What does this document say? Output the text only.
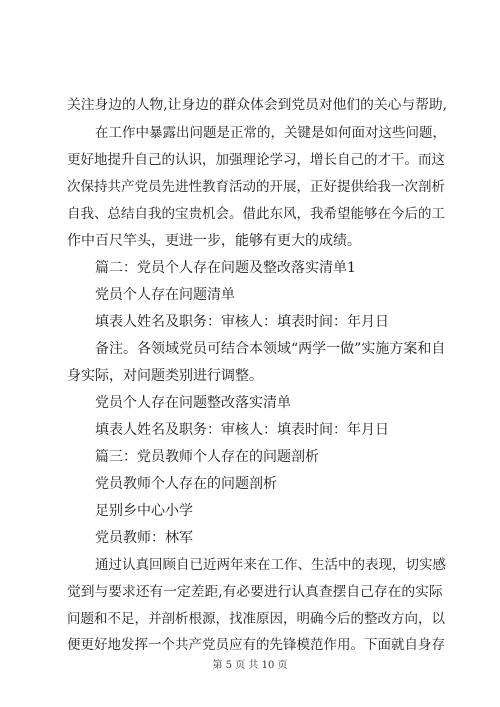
关注身边的人物,让身边的群众体会到党员对他们的关心与帮助,
在工作中暴露出问题是正常的，关键是如何面对这些问题，
更好地提升自己的认识，加强理论学习，增长自己的才干。而这
次保持共产党员先进性教育活动的开展，正好提供给我一次剖析
自我、总结自我的宝贵机会。借此东风，我希望能够在今后的工
作中百尺竿头，更进一步，能够有更大的成绩。
篇二：党员个人存在问题及整改落实清单1
党员个人存在问题清单
填表人姓名及职务：审核人：填表时间：年月日
备注。各领域党员可结合本领域“两学一做”实施方案和自
身实际，对问题类别进行调整。
党员个人存在问题整改落实清单
填表人姓名及职务：审核人：填表时间：年月日
篇三：党员教师个人存在的问题剖析
党员教师个人存在的问题剖析
足别乡中心小学
党员教师：林军
通过认真回顾自已近两年来在工作、生活中的表现，切实感
觉到与要求还有一定差距,有必要进行认真查摆自己存在的实际
问题和不足，并剖析根源，找准原因，明确今后的整改方向，以
便更好地发挥一个共产党员应有的先锋模范作用。下面就自身存
第 5 页 共 10 页
